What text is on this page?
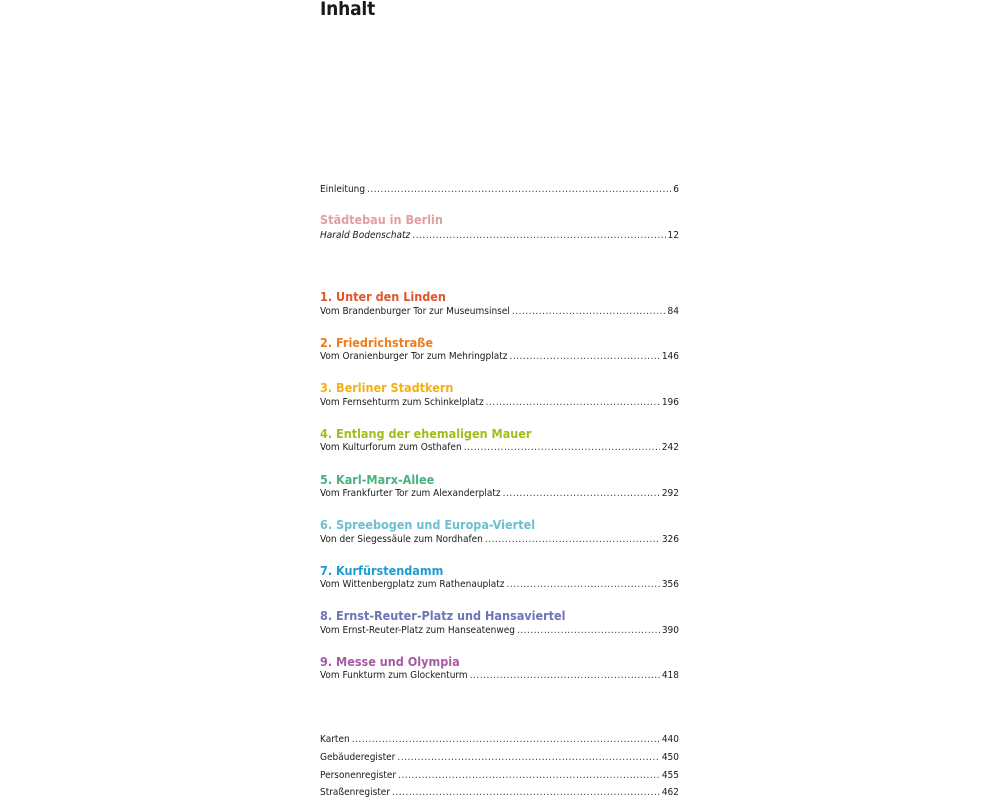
Inhalt
Einleitung .....	6
Städtebau in Berlin
Harald Bodenschatz .....	12
1. Unter den Linden
Vom Brandenburger Tor zur Museumsinsel .....	84
2. Friedrichstraße
Vom Oranienburger Tor zum Mehringplatz .....	146
3. Berliner Stadtkern
Vom Fernsehturm zum Schinkelplatz .....	196
4. Entlang der ehemaligen Mauer
Vom Kulturforum zum Osthafen .....	242
5. Karl-Marx-Allee
Vom Frankfurter Tor zum Alexanderplatz .....	292
6. Spreebogen und Europa-Viertel
Von der Siegessäule zum Nordhafen .....	326
7. Kurfürstendamm
Vom Wittenbergplatz zum Rathenauplatz .....	356
8. Ernst-Reuter-Platz und Hansaviertel
Vom Ernst-Reuter-Platz zum Hanseatenweg .....	390
9. Messe und Olympia
Vom Funkturm zum Glockenturm .....	418
Karten .....	440
Gebäuderegister .....	450
Personenregister .....	455
Straßenregister .....	462
